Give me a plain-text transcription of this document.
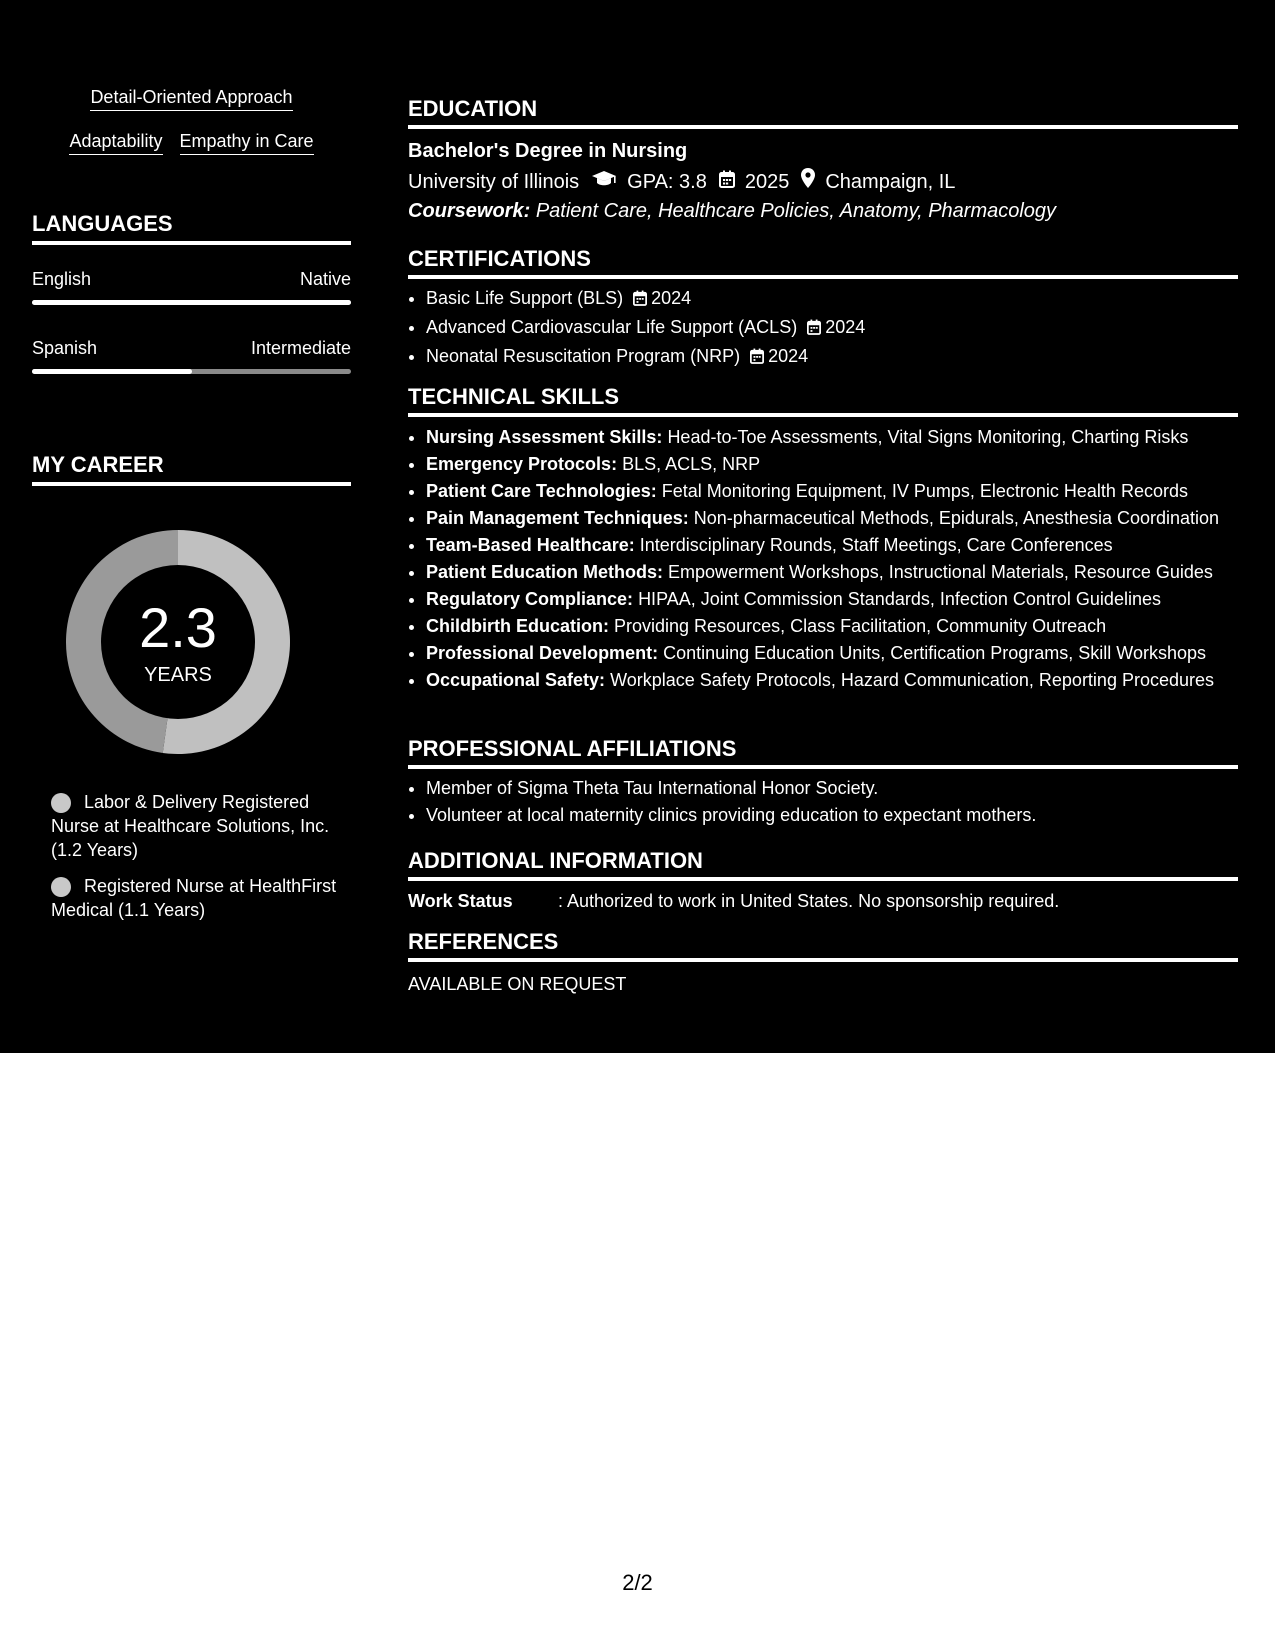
Detail-Oriented Approach
Adaptability Empathy in Care
LANGUAGES
English	Native
Spanish	Intermediate
MY CAREER
2.3
YEARS
Labor & Delivery Registered Nurse at Healthcare Solutions, Inc. (1.2 Years)
Registered Nurse at HealthFirst Medical (1.1 Years)
EDUCATION
Bachelor's Degree in Nursing
University of Illinois GPA: 3.8 2025 Champaign, IL
Coursework: Patient Care, Healthcare Policies, Anatomy, Pharmacology
CERTIFICATIONS
• Basic Life Support (BLS) 2024
• Advanced Cardiovascular Life Support (ACLS) 2024
• Neonatal Resuscitation Program (NRP) 2024
TECHNICAL SKILLS
• Nursing Assessment Skills: Head-to-Toe Assessments, Vital Signs Monitoring, Charting Risks
• Emergency Protocols: BLS, ACLS, NRP
• Patient Care Technologies: Fetal Monitoring Equipment, IV Pumps, Electronic Health Records
• Pain Management Techniques: Non-pharmaceutical Methods, Epidurals, Anesthesia Coordination
• Team-Based Healthcare: Interdisciplinary Rounds, Staff Meetings, Care Conferences
• Patient Education Methods: Empowerment Workshops, Instructional Materials, Resource Guides
• Regulatory Compliance: HIPAA, Joint Commission Standards, Infection Control Guidelines
• Childbirth Education: Providing Resources, Class Facilitation, Community Outreach
• Professional Development: Continuing Education Units, Certification Programs, Skill Workshops
• Occupational Safety: Workplace Safety Protocols, Hazard Communication, Reporting Procedures
PROFESSIONAL AFFILIATIONS
• Member of Sigma Theta Tau International Honor Society.
• Volunteer at local maternity clinics providing education to expectant mothers.
ADDITIONAL INFORMATION
Work Status	: Authorized to work in United States. No sponsorship required.
REFERENCES
AVAILABLE ON REQUEST
2/2
